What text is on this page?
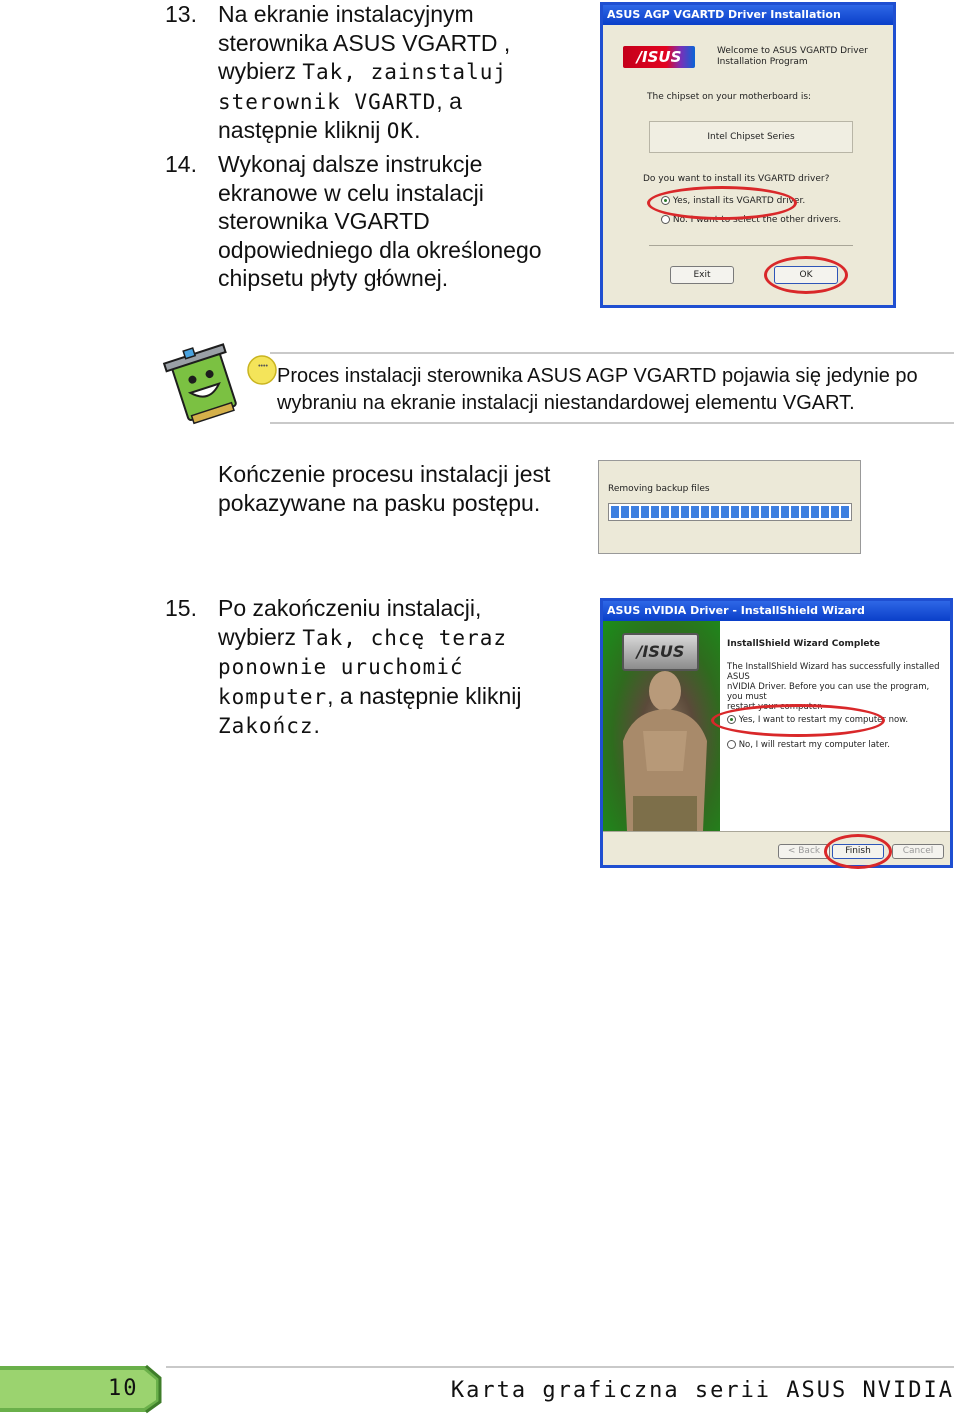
13. Na ekranie instalacyjnym
sterownika ASUS VGARTD ,
wybierz Tak, zainstaluj
sterownik VGARTD, a
następnie kliknij OK.
14. Wykonaj dalsze instrukcje
ekranowe w celu instalacji
sterownika VGARTD
odpowiedniego dla określonego
chipsetu płyty głównej.
ASUS AGP VGARTD Driver Installation
/ISUS	Welcome to ASUS VGARTD Driver
Installation Program
The chipset on your motherboard is:
Intel Chipset Series
Do you want to install its VGARTD driver?
Yes, install its VGARTD driver.
No. I want to select the other drivers.
Exit	OK
•••• Proces instalacji sterownika ASUS AGP VGARTD pojawia się jedynie po
wybraniu na ekranie instalacji niestandardowej elementu VGART.
Kończenie procesu instalacji jest
pokazywane na pasku postępu.
Removing backup files
15. Po zakończeniu instalacji,
wybierz Tak, chcę teraz
ponownie uruchomić
komputer, a następnie kliknij
Zakończ.
ASUS nVIDIA Driver - InstallShield Wizard
/ISUS	InstallShield Wizard Complete
The InstallShield Wizard has successfully installed ASUS
nVIDIA Driver. Before you can use the program, you must
restart your computer.
Yes, I want to restart my computer now.
No, I will restart my computer later.
< Back	Finish	Cancel
10	Karta graficzna serii ASUS NVIDIA
